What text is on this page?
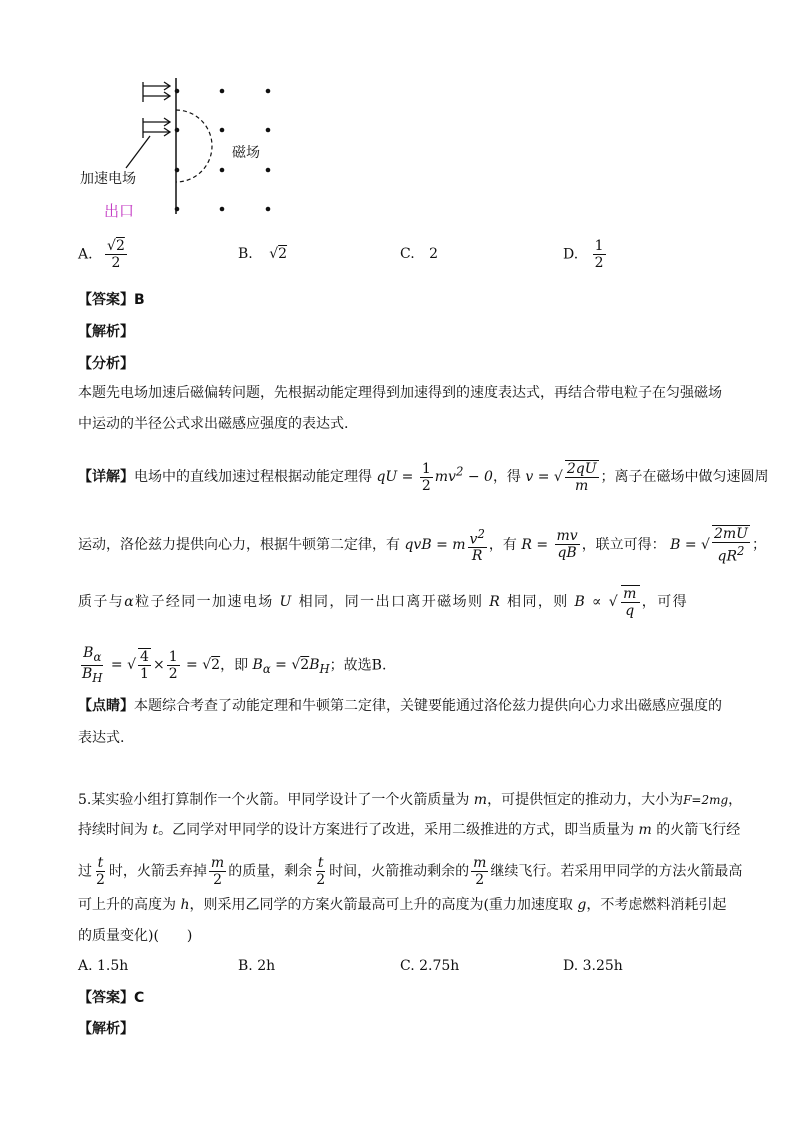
加速电场
磁场
出口
A. $\frac{√2}{2}$	B. √2	C. 2	D. $\frac{1}{2}$
【答案】B
【解析】
【分析】
本题先电场加速后磁偏转问题，先根据动能定理得到加速得到的速度表达式，再结合带电粒子在匀强磁场
中运动的半径公式求出磁感应强度的表达式.
【详解】电场中的直线加速过程根据动能定理得 qU = $\frac{1}{2} mv^2 - 0$，得 v = √ $\frac{2qU}{m}$ ；离子在磁场中做匀速圆周
运动，洛伦兹力提供向心力，根据牛顿第二定律，有 qvB = m $\frac{v^2}{R}$ ，有 $R = \frac{mv}{qB}$ ，联立可得： B = √ $\frac{2mU}{qR^2}$ ；
质子与α粒子经同一加速电场 U 相同，同一出口离开磁场则 R 相同，则 B ∝ √ $\frac{m}{q}$ ，可得
$\frac{B_\alpha}{B_H}$ = √ $\frac{4}{1} \times \frac{1}{2} = √2$，即 $B_\alpha = √2B_H$；故选B.
【点睛】本题综合考查了动能定理和牛顿第二定律，关键要能通过洛伦兹力提供向心力求出磁感应强度的
表达式.
5.某实验小组打算制作一个火箭。甲同学设计了一个火箭质量为 m，可提供恒定的推动力，大小为F=2mg，
持续时间为 t。乙同学对甲同学的设计方案进行了改进，采用二级推进的方式，即当质量为 m 的火箭飞行经
过 $\frac{t}{2}$ 时，火箭丢弃掉 $\frac{m}{2}$ 的质量，剩余 $\frac{t}{2}$ 时间，火箭推动剩余的 $\frac{m}{2}$ 继续飞行。若采用甲同学的方法火箭最高
可上升的高度为 h，则采用乙同学的方案火箭最高可上升的高度为(重力加速度取 g，不考虑燃料消耗引起
的质量变化)(　　)
A. 1.5h	B. 2h	C. 2.75h	D. 3.25h
【答案】C
【解析】
